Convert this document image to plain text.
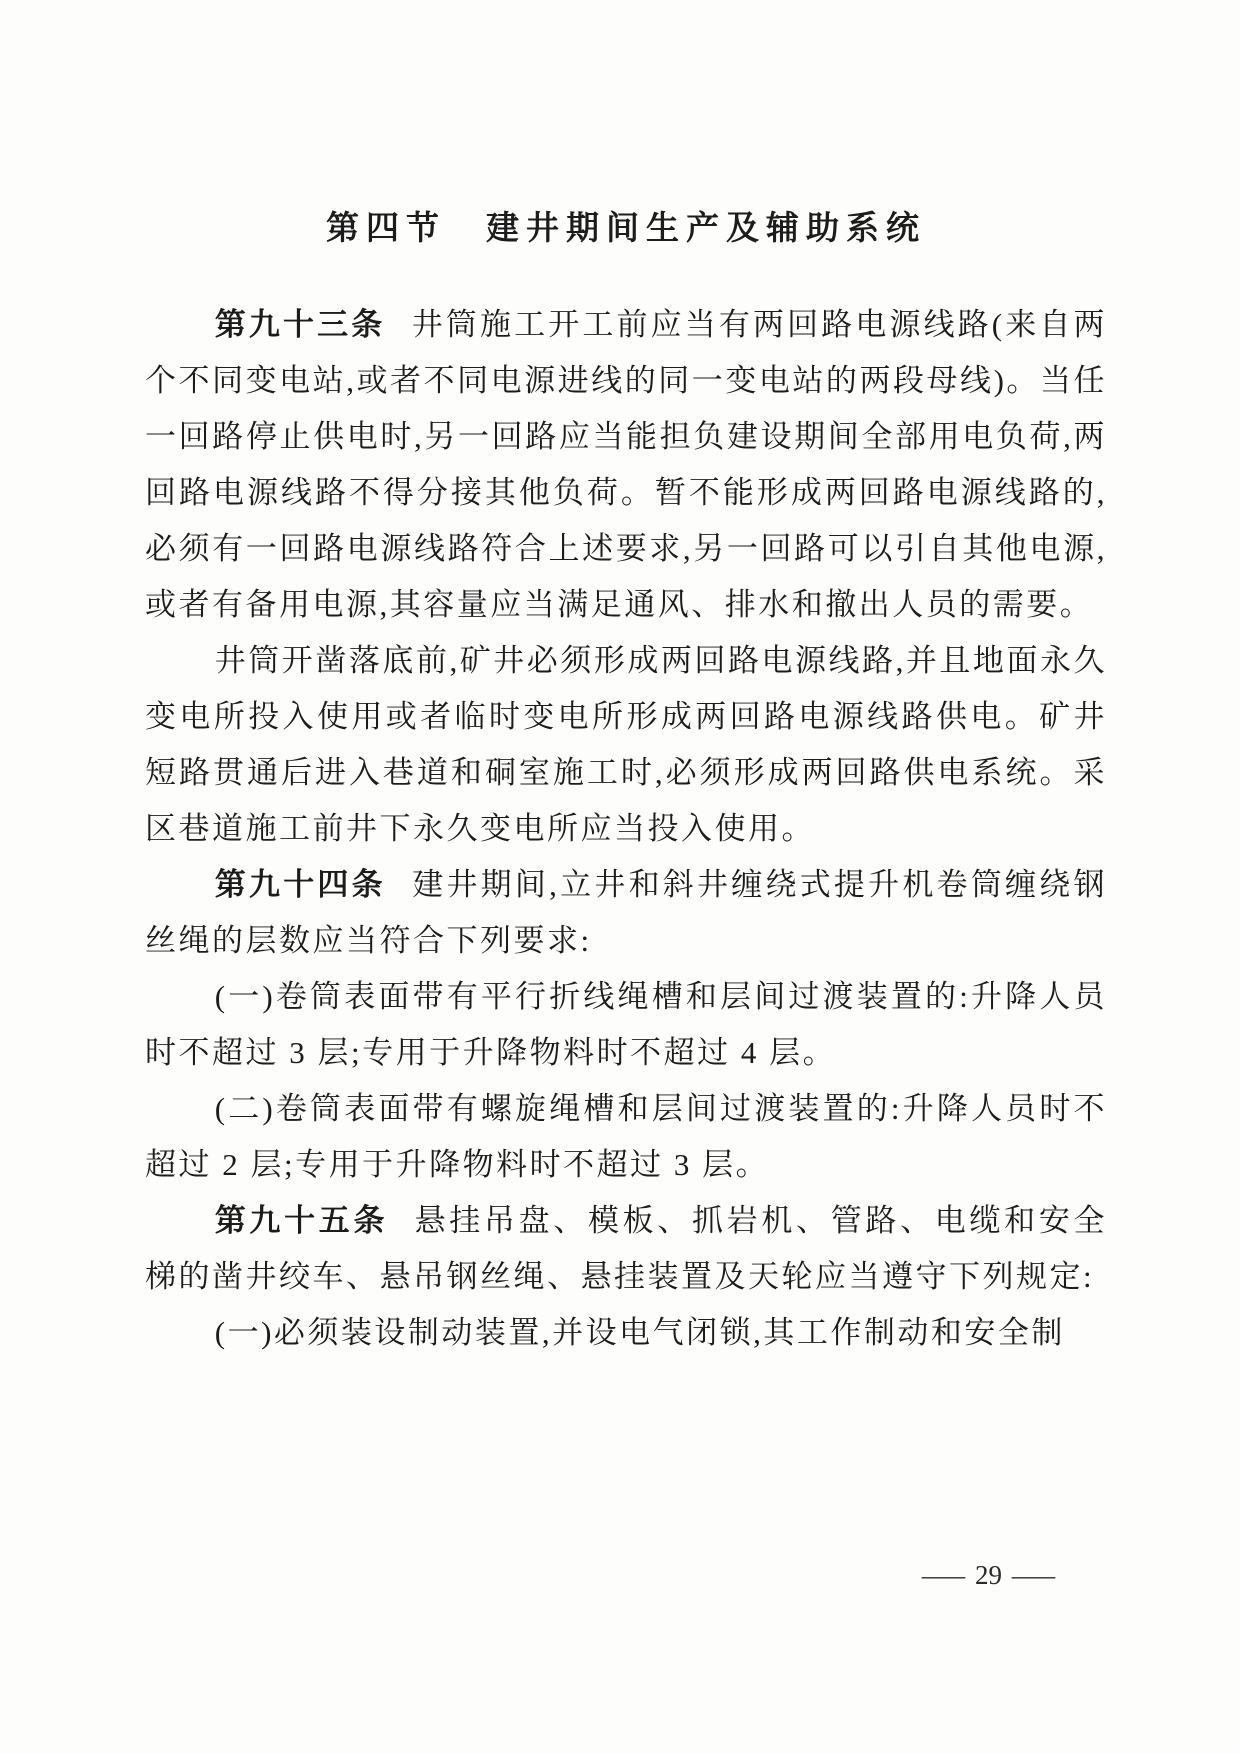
第四节　建井期间生产及辅助系统

第九十三条 井筒施工开工前应当有两回路电源线路(来自两个不同变电站,或者不同电源进线的同一变电站的两段母线)。当任一回路停止供电时,另一回路应当能担负建设期间全部用电负荷,两回路电源线路不得分接其他负荷。暂不能形成两回路电源线路的,必须有一回路电源线路符合上述要求,另一回路可以引自其他电源,或者有备用电源,其容量应当满足通风、排水和撤出人员的需要。

井筒开凿落底前,矿井必须形成两回路电源线路,并且地面永久变电所投入使用或者临时变电所形成两回路电源线路供电。矿井短路贯通后进入巷道和硐室施工时,必须形成两回路供电系统。采区巷道施工前井下永久变电所应当投入使用。

第九十四条 建井期间,立井和斜井缠绕式提升机卷筒缠绕钢丝绳的层数应当符合下列要求:

(一)卷筒表面带有平行折线绳槽和层间过渡装置的:升降人员时不超过 3 层;专用于升降物料时不超过 4 层。

(二)卷筒表面带有螺旋绳槽和层间过渡装置的:升降人员时不超过 2 层;专用于升降物料时不超过 3 层。

第九十五条 悬挂吊盘、模板、抓岩机、管路、电缆和安全梯的凿井绞车、悬吊钢丝绳、悬挂装置及天轮应当遵守下列规定:

(一)必须装设制动装置,并设电气闭锁,其工作制动和安全制

— 29 —
